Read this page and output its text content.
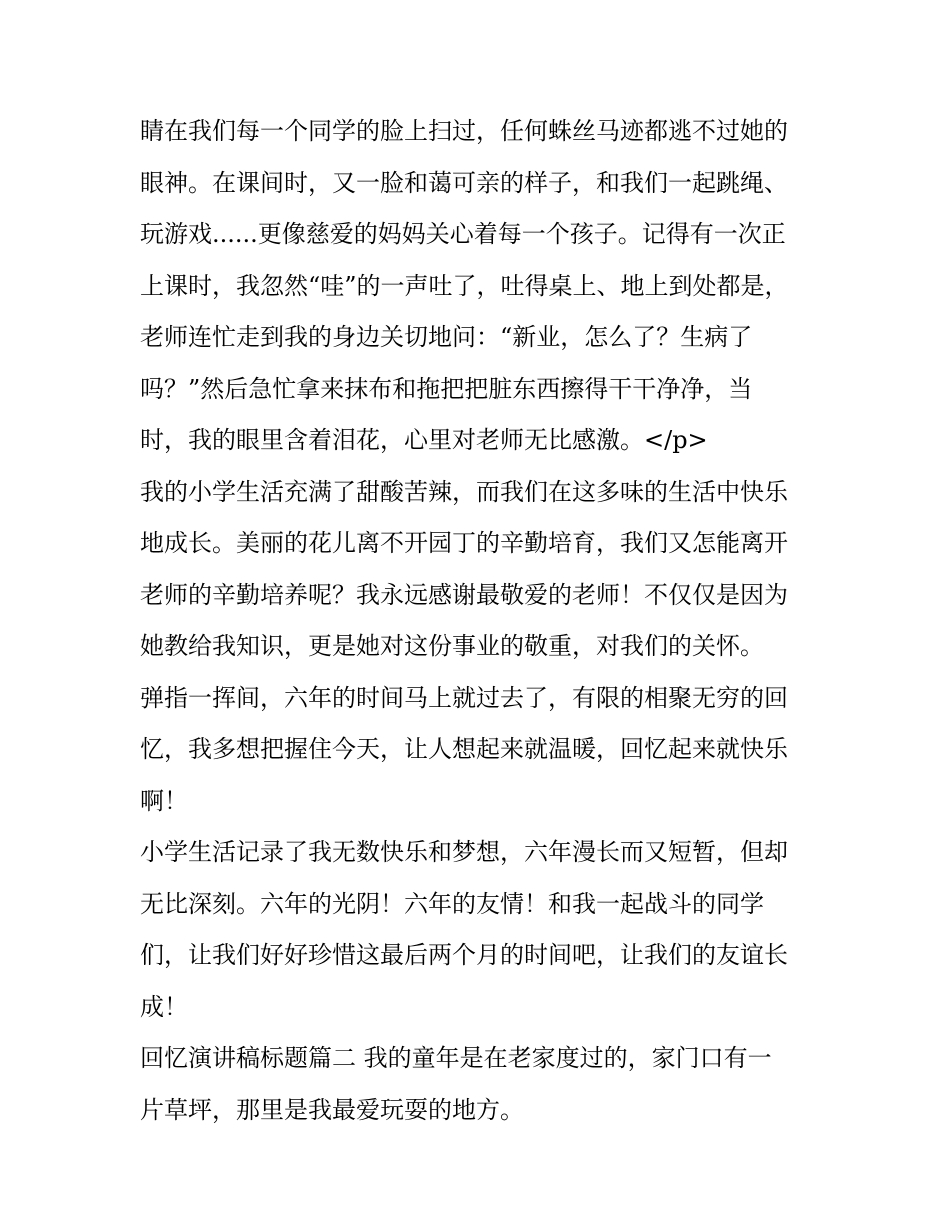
睛在我们每一个同学的脸上扫过，任何蛛丝马迹都逃不过她的
眼神。在课间时，又一脸和蔼可亲的样子，和我们一起跳绳、
玩游戏......更像慈爱的妈妈关心着每一个孩子。记得有一次正
上课时，我忽然“哇”的一声吐了，吐得桌上、地上到处都是，
老师连忙走到我的身边关切地问：“新业，怎么了？生病了
吗？”然后急忙拿来抹布和拖把把脏东西擦得干干净净，当
时，我的眼里含着泪花，心里对老师无比感激。</p>
我的小学生活充满了甜酸苦辣，而我们在这多味的生活中快乐
地成长。美丽的花儿离不开园丁的辛勤培育，我们又怎能离开
老师的辛勤培养呢？我永远感谢最敬爱的老师！不仅仅是因为
她教给我知识，更是她对这份事业的敬重，对我们的关怀。
弹指一挥间，六年的时间马上就过去了，有限的相聚无穷的回
忆，我多想把握住今天，让人想起来就温暖，回忆起来就快乐
啊！
小学生活记录了我无数快乐和梦想，六年漫长而又短暂，但却
无比深刻。六年的光阴！六年的友情！和我一起战斗的同学
们，让我们好好珍惜这最后两个月的时间吧，让我们的友谊长
成！
回忆演讲稿标题篇二 我的童年是在老家度过的，家门口有一
片草坪，那里是我最爱玩耍的地方。
